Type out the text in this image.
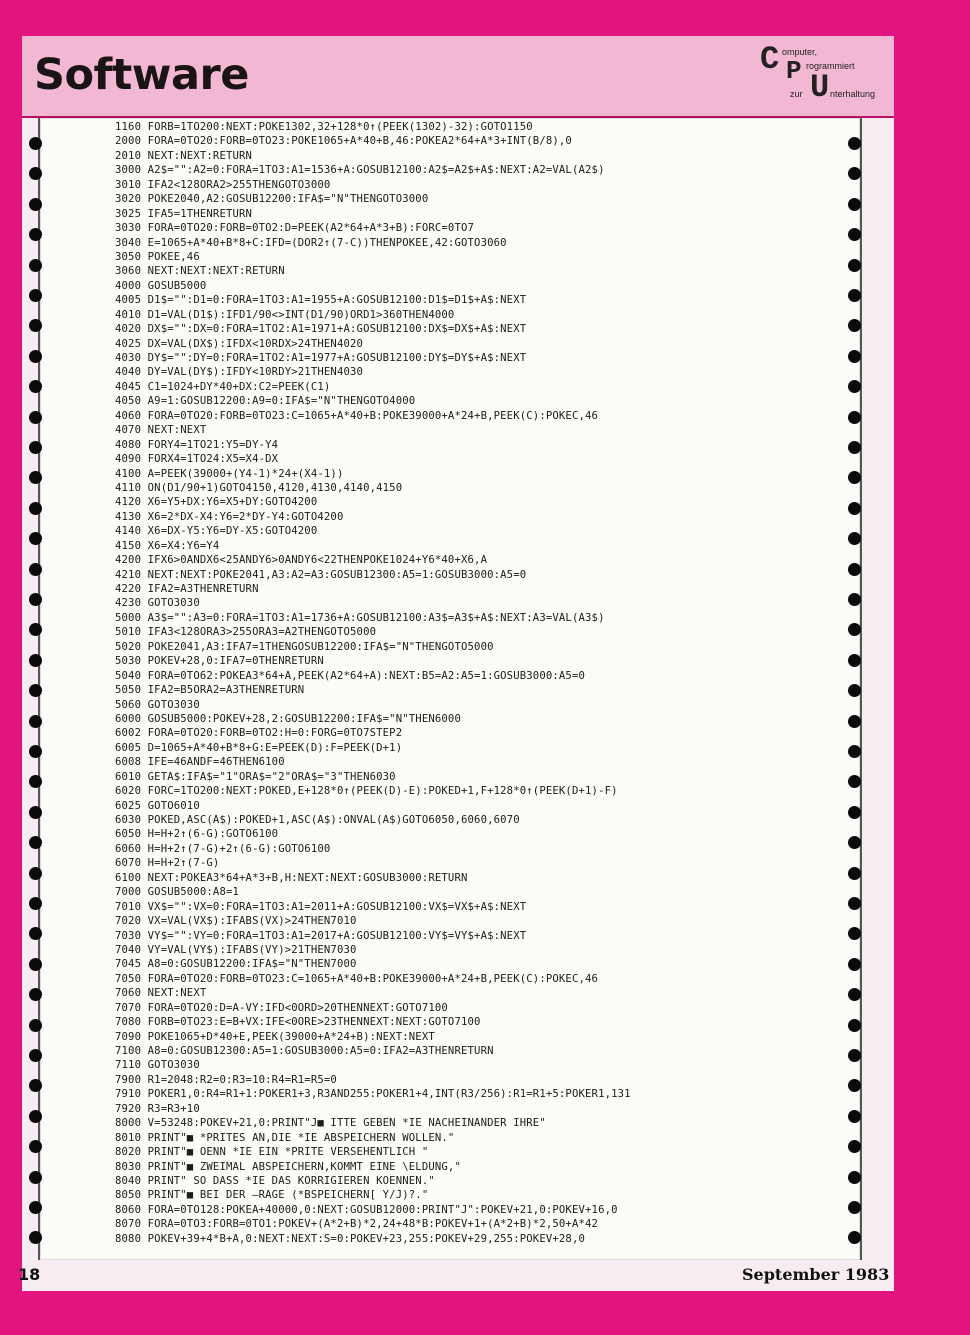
Software	C omputer,
P rogrammiert
zur U nterhaltung
1160 FORB=1TO200:NEXT:POKE1302,32+128*0↑(PEEK(1302)-32):GOTO1150
2000 FORA=0TO20:FORB=0TO23:POKE1065+A*40+B,46:POKEA2*64+A*3+INT(B/8),0
2010 NEXT:NEXT:RETURN
3000 A2$="":A2=0:FORA=1TO3:A1=1536+A:GOSUB12100:A2$=A2$+A$:NEXT:A2=VAL(A2$)
3010 IFA2<128ORA2>255THENGOTO3000
3020 POKE2040,A2:GOSUB12200:IFA$="N"THENGOTO3000
3025 IFA5=1THENRETURN
3030 FORA=0TO20:FORB=0TO2:D=PEEK(A2*64+A*3+B):FORC=0TO7
3040 E=1065+A*40+B*8+C:IFD=(DOR2↑(7-C))THENPOKEE,42:GOTO3060
3050 POKEE,46
3060 NEXT:NEXT:NEXT:RETURN
4000 GOSUB5000
4005 D1$="":D1=0:FORA=1TO3:A1=1955+A:GOSUB12100:D1$=D1$+A$:NEXT
4010 D1=VAL(D1$):IFD1/90<>INT(D1/90)ORD1>360THEN4000
4020 DX$="":DX=0:FORA=1TO2:A1=1971+A:GOSUB12100:DX$=DX$+A$:NEXT
4025 DX=VAL(DX$):IFDX<10RDX>24THEN4020
4030 DY$="":DY=0:FORA=1TO2:A1=1977+A:GOSUB12100:DY$=DY$+A$:NEXT
4040 DY=VAL(DY$):IFDY<10RDY>21THEN4030
4045 C1=1024+DY*40+DX:C2=PEEK(C1)
4050 A9=1:GOSUB12200:A9=0:IFA$="N"THENGOTO4000
4060 FORA=0TO20:FORB=0TO23:C=1065+A*40+B:POKE39000+A*24+B,PEEK(C):POKEC,46
4070 NEXT:NEXT
4080 FORY4=1TO21:Y5=DY-Y4
4090 FORX4=1TO24:X5=X4-DX
4100 A=PEEK(39000+(Y4-1)*24+(X4-1))
4110 ON(D1/90+1)GOTO4150,4120,4130,4140,4150
4120 X6=Y5+DX:Y6=X5+DY:GOTO4200
4130 X6=2*DX-X4:Y6=2*DY-Y4:GOTO4200
4140 X6=DX-Y5:Y6=DY-X5:GOTO4200
4150 X6=X4:Y6=Y4
4200 IFX6>0ANDX6<25ANDY6>0ANDY6<22THENPOKE1024+Y6*40+X6,A
4210 NEXT:NEXT:POKE2041,A3:A2=A3:GOSUB12300:A5=1:GOSUB3000:A5=0
4220 IFA2=A3THENRETURN
4230 GOTO3030
5000 A3$="":A3=0:FORA=1TO3:A1=1736+A:GOSUB12100:A3$=A3$+A$:NEXT:A3=VAL(A3$)
5010 IFA3<128ORA3>255ORA3=A2THENGOTO5000
5020 POKE2041,A3:IFA7=1THENGOSUB12200:IFA$="N"THENGOTO5000
5030 POKEV+28,0:IFA7=0THENRETURN
5040 FORA=0TO62:POKEA3*64+A,PEEK(A2*64+A):NEXT:B5=A2:A5=1:GOSUB3000:A5=0
5050 IFA2=B5ORA2=A3THENRETURN
5060 GOTO3030
6000 GOSUB5000:POKEV+28,2:GOSUB12200:IFA$="N"THEN6000
6002 FORA=0TO20:FORB=0TO2:H=0:FORG=0TO7STEP2
6005 D=1065+A*40+B*8+G:E=PEEK(D):F=PEEK(D+1)
6008 IFE=46ANDF=46THEN6100
6010 GETA$:IFA$="1"ORA$="2"ORA$="3"THEN6030
6020 FORC=1TO200:NEXT:POKED,E+128*0↑(PEEK(D)-E):POKED+1,F+128*0↑(PEEK(D+1)-F)
6025 GOTO6010
6030 POKED,ASC(A$):POKED+1,ASC(A$):ONVAL(A$)GOTO6050,6060,6070
6050 H=H+2↑(6-G):GOTO6100
6060 H=H+2↑(7-G)+2↑(6-G):GOTO6100
6070 H=H+2↑(7-G)
6100 NEXT:POKEA3*64+A*3+B,H:NEXT:NEXT:GOSUB3000:RETURN
7000 GOSUB5000:A8=1
7010 VX$="":VX=0:FORA=1TO3:A1=2011+A:GOSUB12100:VX$=VX$+A$:NEXT
7020 VX=VAL(VX$):IFABS(VX)>24THEN7010
7030 VY$="":VY=0:FORA=1TO3:A1=2017+A:GOSUB12100:VY$=VY$+A$:NEXT
7040 VY=VAL(VY$):IFABS(VY)>21THEN7030
7045 A8=0:GOSUB12200:IFA$="N"THEN7000
7050 FORA=0TO20:FORB=0TO23:C=1065+A*40+B:POKE39000+A*24+B,PEEK(C):POKEC,46
7060 NEXT:NEXT
7070 FORA=0TO20:D=A-VY:IFD<0ORD>20THENNEXT:GOTO7100
7080 FORB=0TO23:E=B+VX:IFE<0ORE>23THENNEXT:NEXT:GOTO7100
7090 POKE1065+D*40+E,PEEK(39000+A*24+B):NEXT:NEXT
7100 A8=0:GOSUB12300:A5=1:GOSUB3000:A5=0:IFA2=A3THENRETURN
7110 GOTO3030
7900 R1=2048:R2=0:R3=10:R4=R1=R5=0
7910 POKER1,0:R4=R1+1:POKER1+3,R3AND255:POKER1+4,INT(R3/256):R1=R1+5:POKER1,131
7920 R3=R3+10
8000 V=53248:POKEV+21,0:PRINT"J■ ITTE GEBEN *IE NACHEINANDER IHRE"
8010 PRINT"■ *PRITES AN,DIE *IE ABSPEICHERN WOLLEN."
8020 PRINT"■ OENN *IE EIN *PRITE VERSEHENTLICH "
8030 PRINT"■ ZWEIMAL ABSPEICHERN,KOMMT EINE \ELDUNG,"
8040 PRINT" SO DASS *IE DAS KORRIGIEREN KOENNEN."
8050 PRINT"■ BEI DER —RAGE (*BSPEICHERN[ Y/J)?."
8060 FORA=0TO128:POKEA+40000,0:NEXT:GOSUB12000:PRINT"J":POKEV+21,0:POKEV+16,0
8070 FORA=0TO3:FORB=0TO1:POKEV+(A*2+B)*2,24+48*B:POKEV+1+(A*2+B)*2,50+A*42
8080 POKEV+39+4*B+A,0:NEXT:NEXT:S=0:POKEV+23,255:POKEV+29,255:POKEV+28,0
18	September 1983
